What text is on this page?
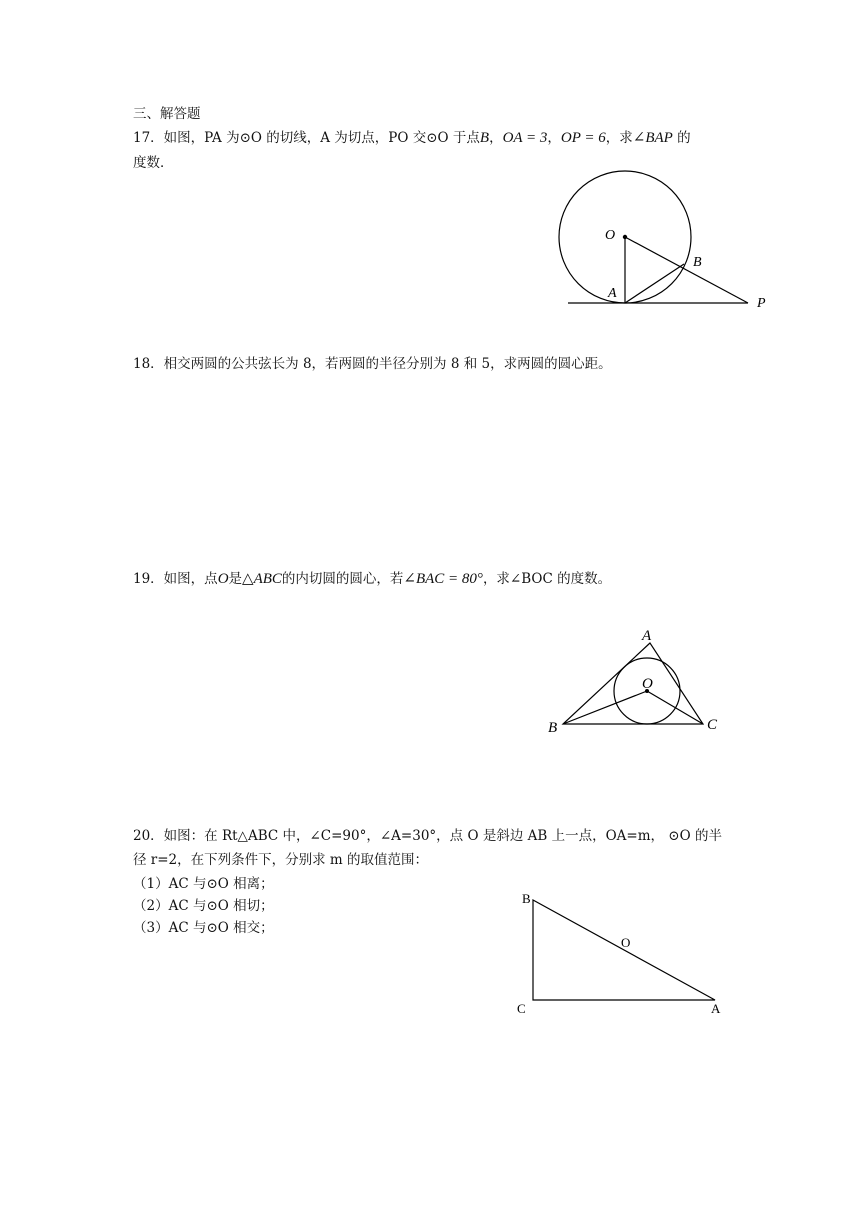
三、解答题
17．如图，PA 为⊙O 的切线，A 为切点，PO 交⊙O 于点B，OA = 3，OP = 6，求∠BAP 的
度数．
O
A
B
P
18．相交两圆的公共弦长为 8，若两圆的半径分别为 8 和 5，求两圆的圆心距。
19．如图，点O是△ABC的内切圆的圆心，若∠BAC = 80°，求∠BOC 的度数。
A
O
B	C
20．如图：在 Rt△ABC 中，∠C=90°，∠A=30°，点 O 是斜边 AB 上一点，OA=m， ⊙O 的半
径 r=2，在下列条件下，分别求 m 的取值范围：
（1）AC 与⊙O 相离；
（2）AC 与⊙O 相切；
（3）AC 与⊙O 相交；
B
O
C	A
